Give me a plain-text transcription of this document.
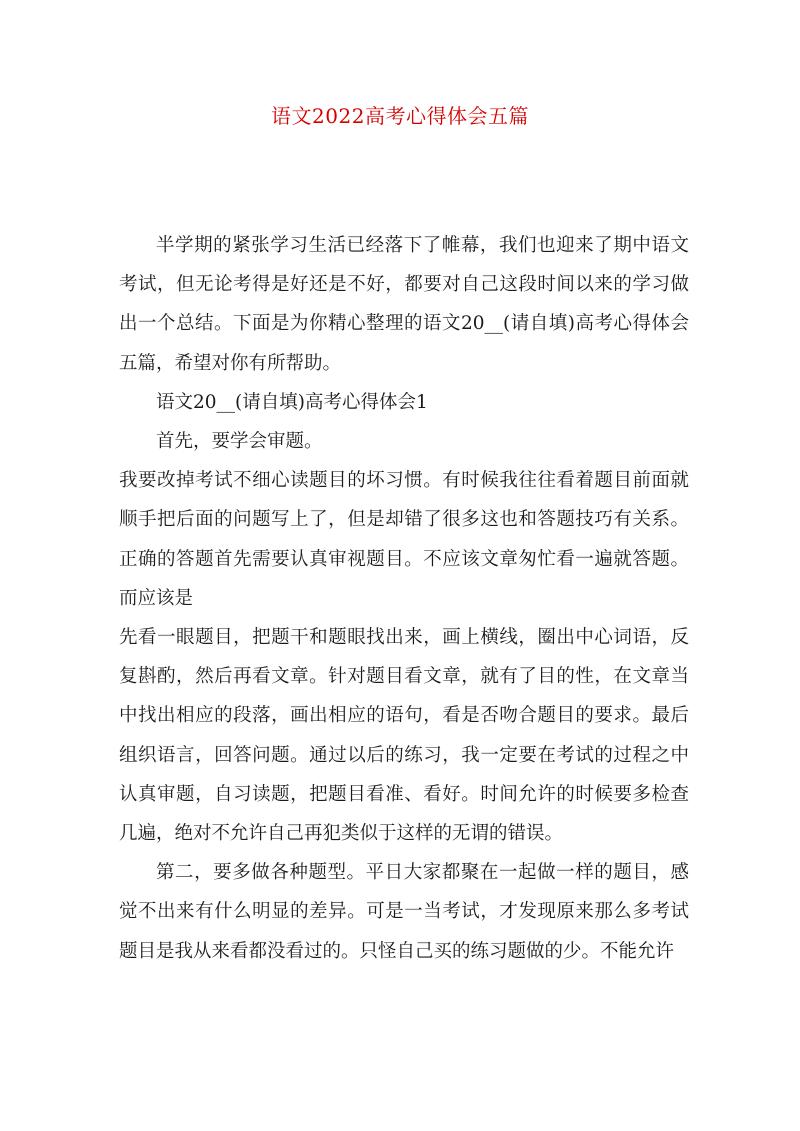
语文2022高考心得体会五篇

半学期的紧张学习生活已经落下了帷幕，我们也迎来了期中语文考试，但无论考得是好还是不好，都要对自己这段时间以来的学习做出一个总结。下面是为你精心整理的语文20__(请自填)高考心得体会五篇，希望对你有所帮助。

语文20__(请自填)高考心得体会1

首先，要学会审题。

我要改掉考试不细心读题目的坏习惯。有时候我往往看着题目前面就顺手把后面的问题写上了，但是却错了很多这也和答题技巧有关系。正确的答题首先需要认真审视题目。不应该文章匆忙看一遍就答题。而应该是

先看一眼题目，把题干和题眼找出来，画上横线，圈出中心词语，反复斟酌，然后再看文章。针对题目看文章，就有了目的性，在文章当中找出相应的段落，画出相应的语句，看是否吻合题目的要求。最后组织语言，回答问题。通过以后的练习，我一定要在考试的过程之中认真审题，自习读题，把题目看准、看好。时间允许的时候要多检查几遍，绝对不允许自己再犯类似于这样的无谓的错误。

第二，要多做各种题型。平日大家都聚在一起做一样的题目，感觉不出来有什么明显的差异。可是一当考试，才发现原来那么多考试题目是我从来看都没看过的。只怪自己买的练习题做的少。不能允许
